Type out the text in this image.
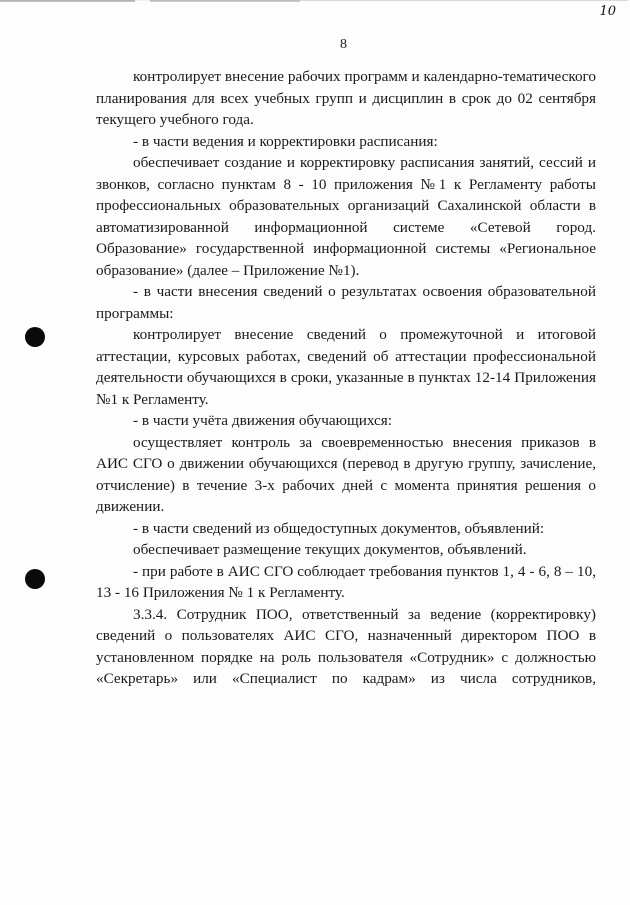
10
8

контролирует внесение рабочих программ и календарно-тематического планирования для всех учебных групп и дисциплин в срок до 02 сентября текущего учебного года.

- в части ведения и корректировки расписания:

обеспечивает создание и корректировку расписания занятий, сессий и звонков, согласно пунктам 8 - 10 приложения №1 к Регламенту работы профессиональных образовательных организаций Сахалинской области в автоматизированной информационной системе «Сетевой город. Образование» государственной информационной системы «Региональное образование» (далее – Приложение №1).

- в части внесения сведений о результатах освоения образовательной программы:

контролирует внесение сведений о промежуточной и итоговой аттестации, курсовых работах, сведений об аттестации профессиональной деятельности обучающихся в сроки, указанные в пунктах 12-14 Приложения №1 к Регламенту.

- в части учёта движения обучающихся:

осуществляет контроль за своевременностью внесения приказов в АИС СГО о движении обучающихся (перевод в другую группу, зачисление, отчисление) в течение 3-х рабочих дней с момента принятия решения о движении.

- в части сведений из общедоступных документов, объявлений:

обеспечивает размещение текущих документов, объявлений.

- при работе в АИС СГО соблюдает требования пунктов 1, 4 - 6, 8 – 10, 13 - 16 Приложения № 1 к Регламенту.

3.3.4. Сотрудник ПОО, ответственный за ведение (корректировку) сведений о пользователях АИС СГО, назначенный директором ПОО в установленном порядке на роль пользователя «Сотрудник» с должностью «Секретарь» или «Специалист по кадрам» из числа сотрудников,
